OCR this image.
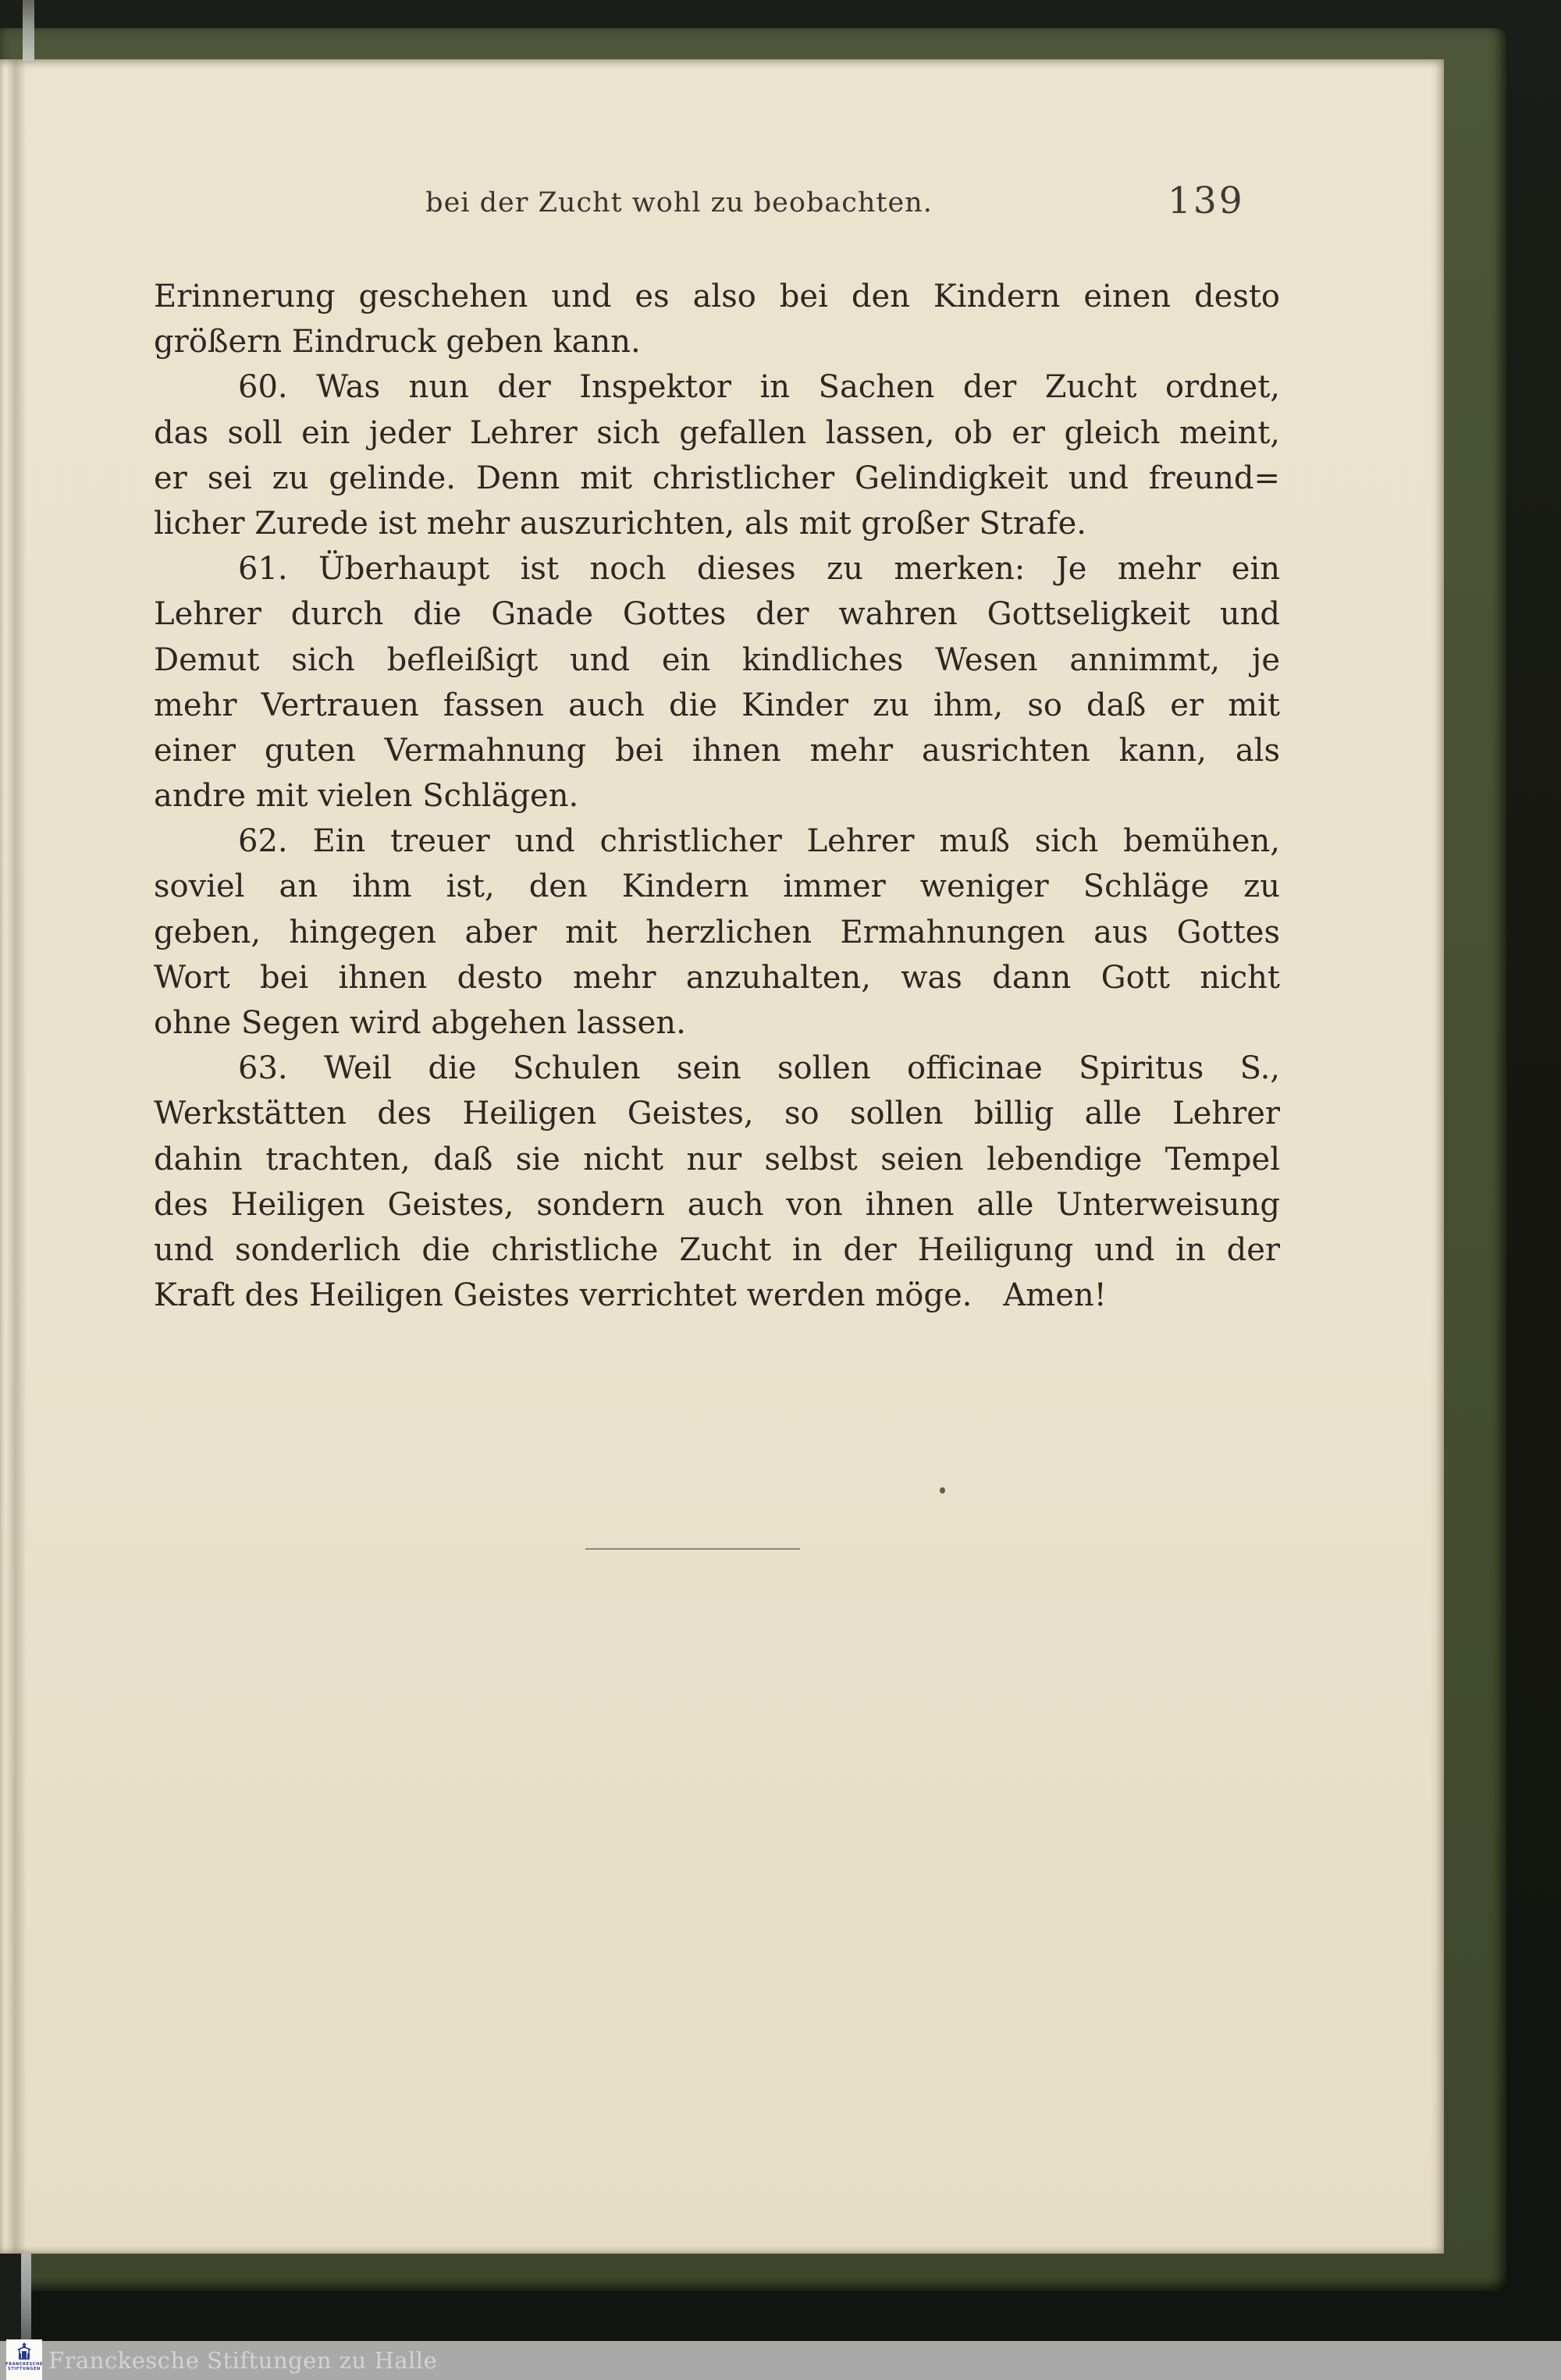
bei der Zucht wohl zu beobachten.	139
Erinnerung geschehen und es also bei den Kindern einen desto
größern Eindruck geben kann.
60. Was nun der Inspektor in Sachen der Zucht ordnet,
das soll ein jeder Lehrer sich gefallen lassen, ob er gleich meint,
er sei zu gelinde. Denn mit christlicher Gelindigkeit und freund=
licher Zurede ist mehr auszurichten, als mit großer Strafe.
61. Überhaupt ist noch dieses zu merken: Je mehr ein
Lehrer durch die Gnade Gottes der wahren Gottseligkeit und
Demut sich befleißigt und ein kindliches Wesen annimmt, je
mehr Vertrauen fassen auch die Kinder zu ihm, so daß er mit
einer guten Vermahnung bei ihnen mehr ausrichten kann, als
andre mit vielen Schlägen.
62. Ein treuer und christlicher Lehrer muß sich bemühen,
soviel an ihm ist, den Kindern immer weniger Schläge zu
geben, hingegen aber mit herzlichen Ermahnungen aus Gottes
Wort bei ihnen desto mehr anzuhalten, was dann Gott nicht
ohne Segen wird abgehen lassen.
63. Weil die Schulen sein sollen officinae Spiritus S.,
Werkstätten des Heiligen Geistes, so sollen billig alle Lehrer
dahin trachten, daß sie nicht nur selbst seien lebendige Tempel
des Heiligen Geistes, sondern auch von ihnen alle Unterweisung
und sonderlich die christliche Zucht in der Heiligung und in der
Kraft des Heiligen Geistes verrichtet werden möge. Amen!
FRANCKESCHE
STIFTUNGEN Franckesche Stiftungen zu Halle
